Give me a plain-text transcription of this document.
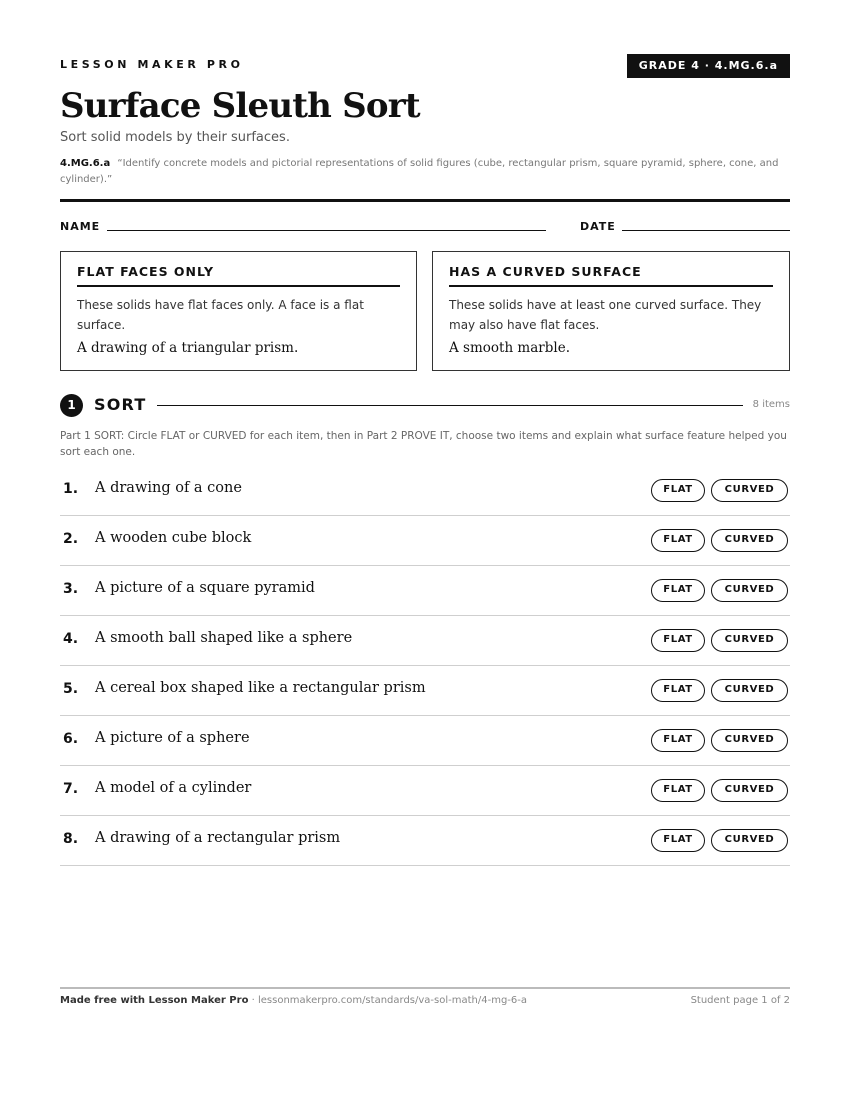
LESSON MAKER PRO	GRADE 4 · 4.MG.6.a
Surface Sleuth Sort
Sort solid models by their surfaces.
4.MG.6.a “Identify concrete models and pictorial representations of solid figures (cube, rectangular prism, square pyramid, sphere, cone, and cylinder).”
NAME	DATE
FLAT FACES ONLY
These solids have flat faces only. A face is a flat surface.
A drawing of a triangular prism.
HAS A CURVED SURFACE
These solids have at least one curved surface. They may also have flat faces.
A smooth marble.
1	SORT	8 items
Part 1 SORT: Circle FLAT or CURVED for each item, then in Part 2 PROVE IT, choose two items and explain what surface feature helped you sort each one.
1. A drawing of a cone	FLAT	CURVED
2. A wooden cube block	FLAT	CURVED
3. A picture of a square pyramid	FLAT	CURVED
4. A smooth ball shaped like a sphere	FLAT	CURVED
5. A cereal box shaped like a rectangular prism	FLAT	CURVED
6. A picture of a sphere	FLAT	CURVED
7. A model of a cylinder	FLAT	CURVED
8. A drawing of a rectangular prism	FLAT	CURVED
Made free with Lesson Maker Pro · lessonmakerpro.com/standards/va-sol-math/4-mg-6-a	Student page 1 of 2
